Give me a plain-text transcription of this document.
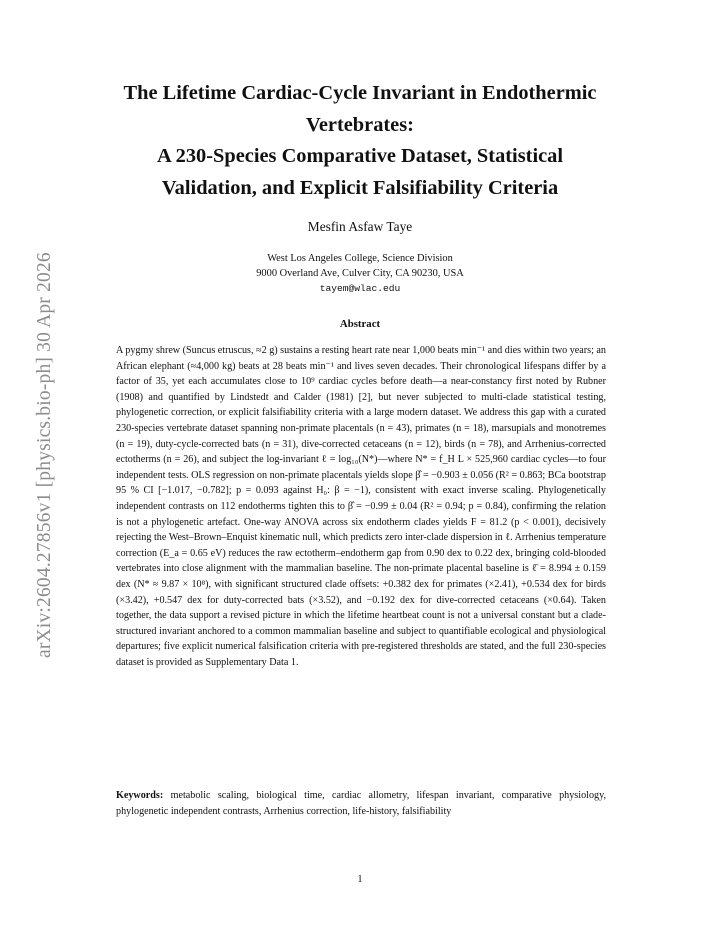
arXiv:2604.27856v1 [physics.bio-ph] 30 Apr 2026
The Lifetime Cardiac-Cycle Invariant in Endothermic
Vertebrates:
A 230-Species Comparative Dataset, Statistical
Validation, and Explicit Falsifiability Criteria
Mesfin Asfaw Taye
West Los Angeles College, Science Division
9000 Overland Ave, Culver City, CA 90230, USA
tayem@wlac.edu
Abstract

A pygmy shrew (Suncus etruscus, ≈2 g) sustains a resting heart rate near 1,000 beats min⁻¹ and dies within two years; an African elephant (≈4,000 kg) beats at 28 beats min⁻¹ and lives seven decades. Their chronological lifespans differ by a factor of 35, yet each accumulates close to 10⁹ cardiac cycles before death—a near-constancy first noted by Rubner (1908) and quantified by Lindstedt and Calder (1981) [2], but never subjected to multi-clade statistical testing, phylogenetic correction, or explicit falsifiability criteria with a large modern dataset. We address this gap with a curated 230-species vertebrate dataset spanning non-primate placentals (n = 43), primates (n = 18), marsupials and monotremes (n = 19), duty-cycle-corrected bats (n = 31), dive-corrected cetaceans (n = 12), birds (n = 78), and Arrhenius-corrected ectotherms (n = 26), and subject the log-invariant ℓ = log₁₀(N*)—where N* = f_H L × 525,960 cardiac cycles—to four independent tests. OLS regression on non-primate placentals yields slope β̂ = −0.903 ± 0.056 (R² = 0.863; BCa bootstrap 95 % CI [−1.017, −0.782]; p = 0.093 against H₀: β = −1), consistent with exact inverse scaling. Phylogenetically independent contrasts on 112 endotherms tighten this to β̂ = −0.99 ± 0.04 (R² = 0.94; p = 0.84), confirming the relation is not a phylogenetic artefact. One-way ANOVA across six endotherm clades yields F = 81.2 (p < 0.001), decisively rejecting the West–Brown–Enquist kinematic null, which predicts zero inter-clade dispersion in ℓ. Arrhenius temperature correction (E_a = 0.65 eV) reduces the raw ectotherm–endotherm gap from 0.90 dex to 0.22 dex, bringing cold-blooded vertebrates into close alignment with the mammalian baseline. The non-primate placental baseline is ℓ̄ = 8.994 ± 0.159 dex (N* ≈ 9.87 × 10⁸), with significant structured clade offsets: +0.382 dex for primates (×2.41), +0.534 dex for birds (×3.42), +0.547 dex for duty-corrected bats (×3.52), and −0.192 dex for dive-corrected cetaceans (×0.64). Taken together, the data support a revised picture in which the lifetime heartbeat count is not a universal constant but a clade-structured invariant anchored to a common mammalian baseline and subject to quantifiable ecological and physiological departures; five explicit numerical falsification criteria with pre-registered thresholds are stated, and the full 230-species dataset is provided as Supplementary Data 1.

Keywords: metabolic scaling, biological time, cardiac allometry, lifespan invariant, comparative physiology, phylogenetic independent contrasts, Arrhenius correction, life-history, falsifiability

1
